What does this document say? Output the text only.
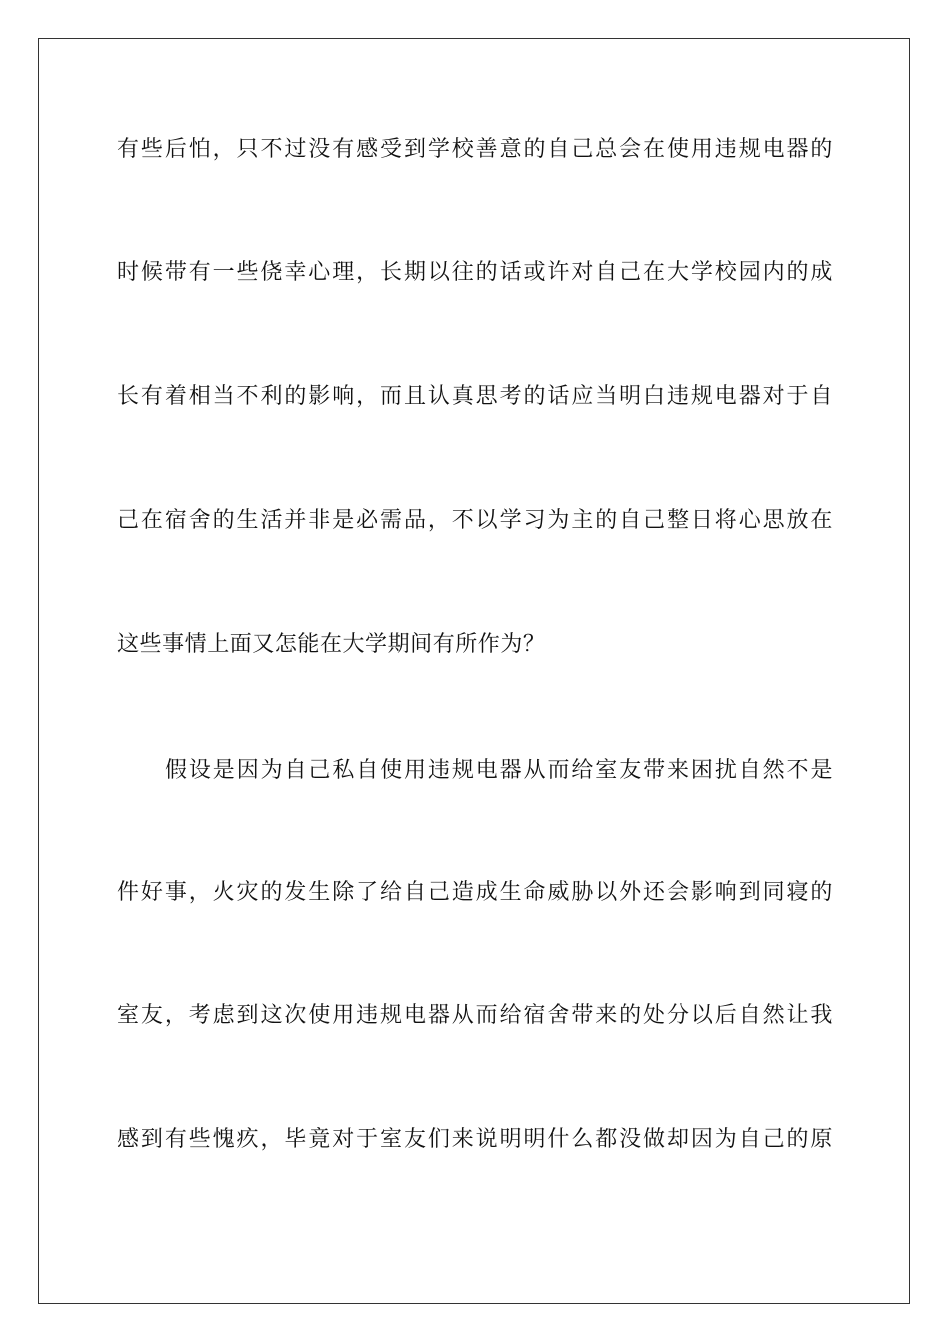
有些后怕，只不过没有感受到学校善意的自己总会在使用违规电器的
时候带有一些侥幸心理，长期以往的话或许对自己在大学校园内的成
长有着相当不利的影响，而且认真思考的话应当明白违规电器对于自
己在宿舍的生活并非是必需品，不以学习为主的自己整日将心思放在
这些事情上面又怎能在大学期间有所作为？
假设是因为自己私自使用违规电器从而给室友带来困扰自然不是
件好事，火灾的发生除了给自己造成生命威胁以外还会影响到同寝的
室友，考虑到这次使用违规电器从而给宿舍带来的处分以后自然让我
感到有些愧疚，毕竟对于室友们来说明明什么都没做却因为自己的原
